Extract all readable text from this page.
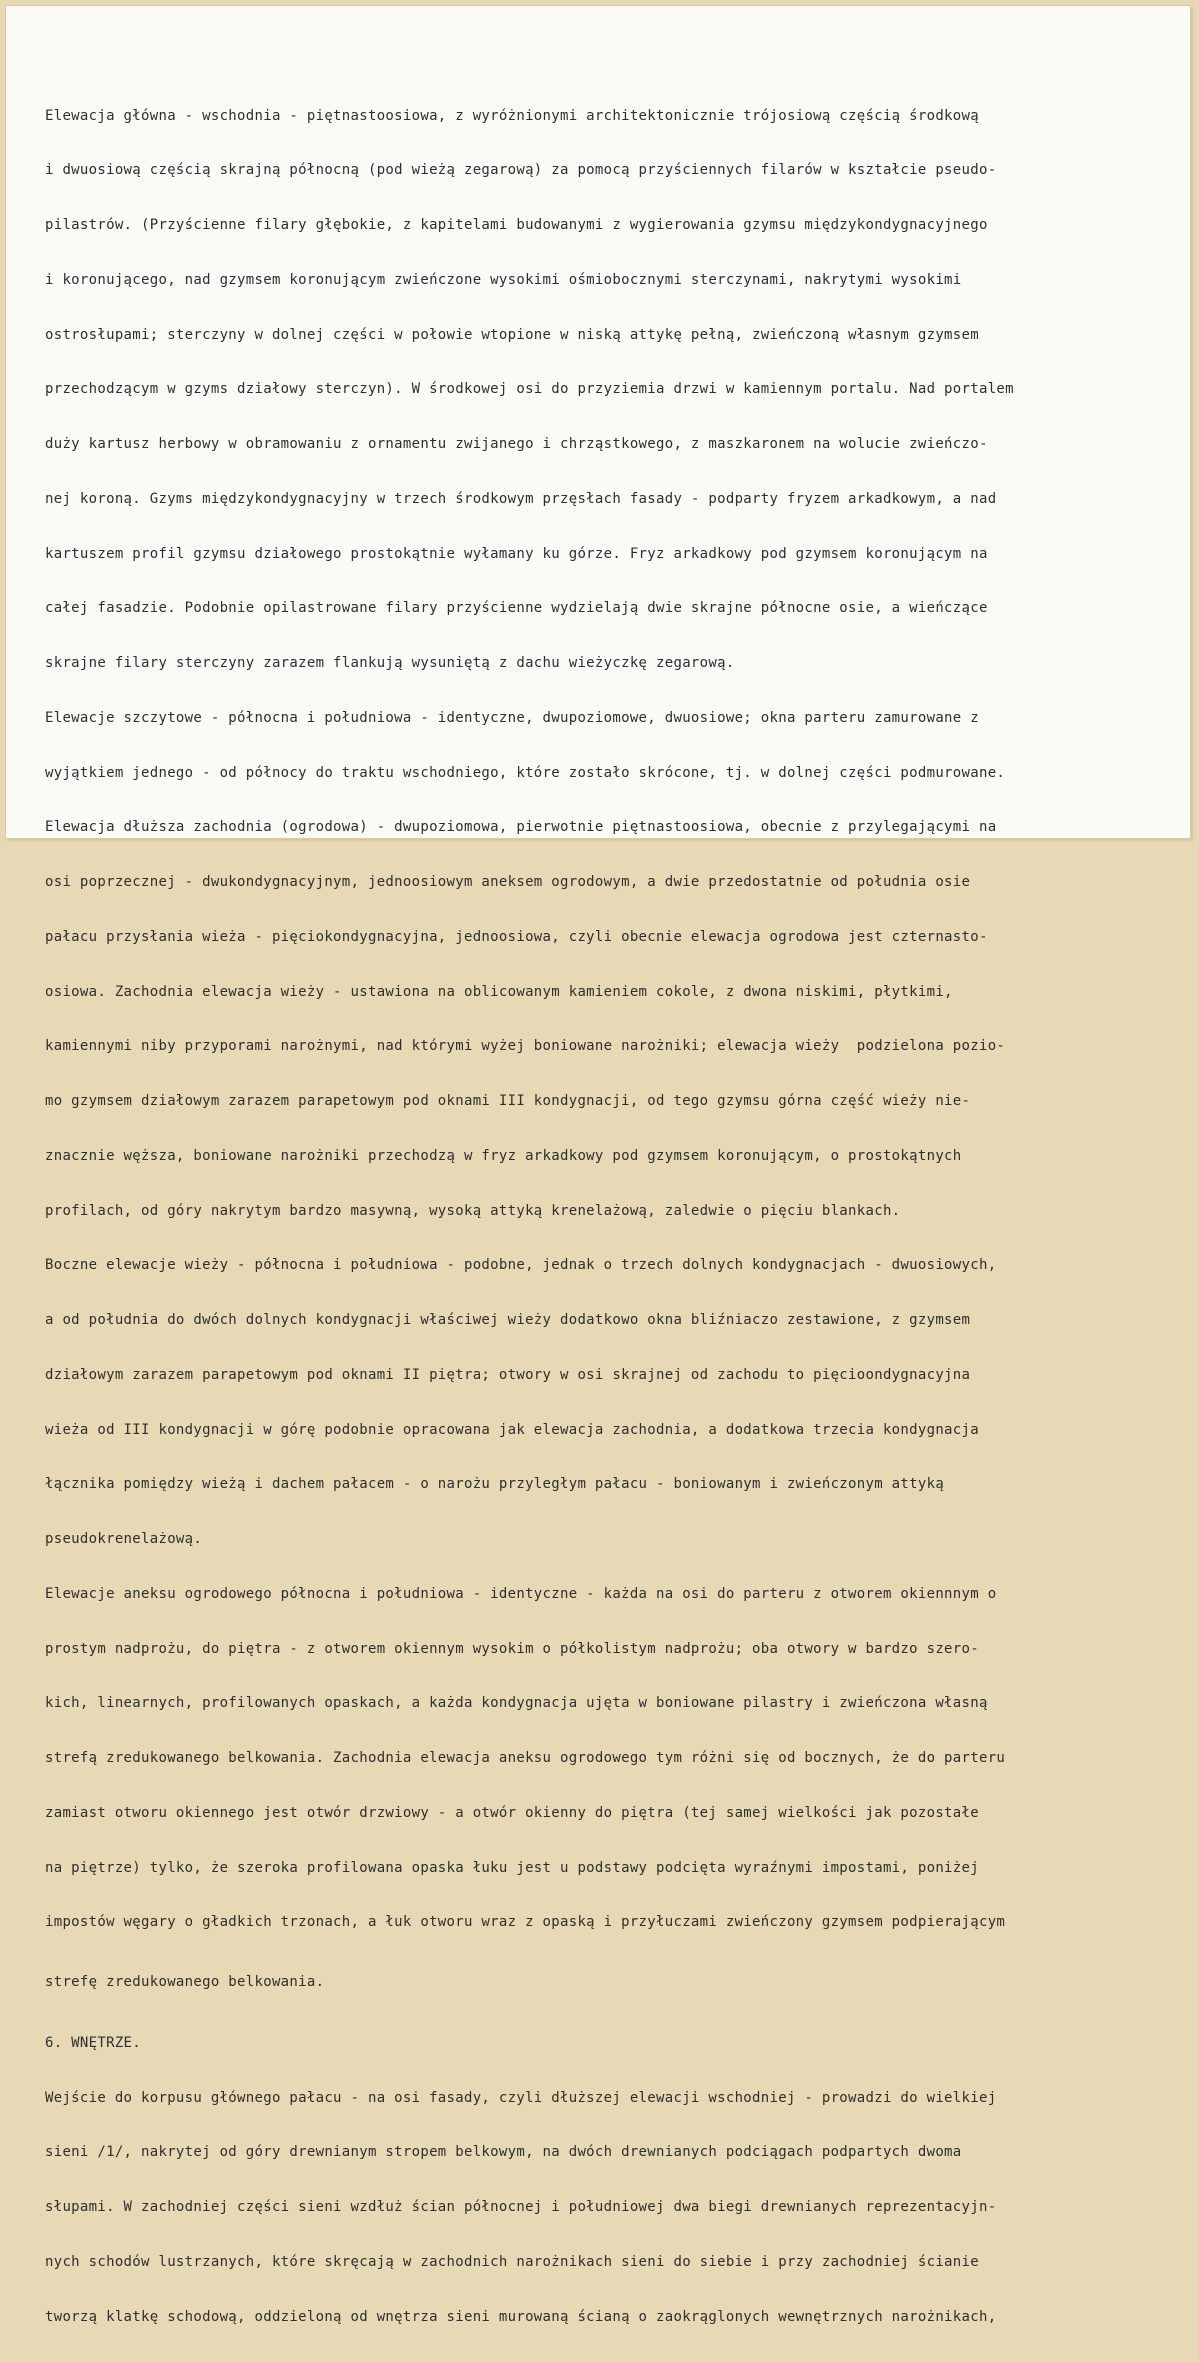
Elewacja główna - wschodnia - piętnastoosiowa, z wyróżnionymi architektonicznie trójosiową częścią środkową

i dwuosiową częścią skrajną północną (pod wieżą zegarową) za pomocą przyściennych filarów w kształcie pseudo-

pilastrów. (Przyścienne filary głębokie, z kapitelami budowanymi z wygierowania gzymsu międzykondygnacyjnego

i koronującego, nad gzymsem koronującym zwieńczone wysokimi ośmiobocznymi sterczynami, nakrytymi wysokimi

ostrosłupami; sterczyny w dolnej części w połowie wtopione w niską attykę pełną, zwieńczoną własnym gzymsem

przechodzącym w gzyms działowy sterczyn). W środkowej osi do przyziemia drzwi w kamiennym portalu. Nad portalem

duży kartusz herbowy w obramowaniu z ornamentu zwijanego i chrząstkowego, z maszkaronem na wolucie zwieńczo-

nej koroną. Gzyms międzykondygnacyjny w trzech środkowym przęsłach fasady - podparty fryzem arkadkowym, a nad

kartuszem profil gzymsu działowego prostokątnie wyłamany ku górze. Fryz arkadkowy pod gzymsem koronującym na

całej fasadzie. Podobnie opilastrowane filary przyścienne wydzielają dwie skrajne północne osie, a wieńczące

skrajne filary sterczyny zarazem flankują wysuniętą z dachu wieżyczkę zegarową.

Elewacje szczytowe - północna i południowa - identyczne, dwupoziomowe, dwuosiowe; okna parteru zamurowane z

wyjątkiem jednego - od północy do traktu wschodniego, które zostało skrócone, tj. w dolnej części podmurowane.

Elewacja dłuższa zachodnia (ogrodowa) - dwupoziomowa, pierwotnie piętnastoosiowa, obecnie z przylegającymi na

osi poprzecznej - dwukondygnacyjnym, jednoosiowym aneksem ogrodowym, a dwie przedostatnie od południa osie

pałacu przysłania wieża - pięciokondygnacyjna, jednoosiowa, czyli obecnie elewacja ogrodowa jest czternasto-

osiowa. Zachodnia elewacja wieży - ustawiona na oblicowanym kamieniem cokole, z dwona niskimi, płytkimi,

kamiennymi niby przyporami narożnymi, nad którymi wyżej boniowane narożniki; elewacja wieży  podzielona pozio-

mo gzymsem działowym zarazem parapetowym pod oknami III kondygnacji, od tego gzymsu górna część wieży nie-

znacznie węższa, boniowane narożniki przechodzą w fryz arkadkowy pod gzymsem koronującym, o prostokątnych

profilach, od góry nakrytym bardzo masywną, wysoką attyką krenelażową, zaledwie o pięciu blankach.

Boczne elewacje wieży - północna i południowa - podobne, jednak o trzech dolnych kondygnacjach - dwuosiowych,

a od południa do dwóch dolnych kondygnacji właściwej wieży dodatkowo okna bliźniaczo zestawione, z gzymsem

działowym zarazem parapetowym pod oknami II piętra; otwory w osi skrajnej od zachodu to pięcioondygnacyjna

wieża od III kondygnacji w górę podobnie opracowana jak elewacja zachodnia, a dodatkowa trzecia kondygnacja

łącznika pomiędzy wieżą i dachem pałacem - o narożu przyległym pałacu - boniowanym i zwieńczonym attyką

pseudokrenelażową.

Elewacje aneksu ogrodowego północna i południowa - identyczne - każda na osi do parteru z otworem okiennnym o

prostym nadprożu, do piętra - z otworem okiennym wysokim o półkolistym nadprożu; oba otwory w bardzo szero-

kich, linearnych, profilowanych opaskach, a każda kondygnacja ujęta w boniowane pilastry i zwieńczona własną

strefą zredukowanego belkowania. Zachodnia elewacja aneksu ogrodowego tym różni się od bocznych, że do parteru

zamiast otworu okiennego jest otwór drzwiowy - a otwór okienny do piętra (tej samej wielkości jak pozostałe

na piętrze) tylko, że szeroka profilowana opaska łuku jest u podstawy podcięta wyraźnymi impostami, poniżej

impostów węgary o gładkich trzonach, a łuk otworu wraz z opaską i przyłuczami zwieńczony gzymsem podpierającym

strefę zredukowanego belkowania.

6. WNĘTRZE.

Wejście do korpusu głównego pałacu - na osi fasady, czyli dłuższej elewacji wschodniej - prowadzi do wielkiej

sieni /1/, nakrytej od góry drewnianym stropem belkowym, na dwóch drewnianych podciągach podpartych dwoma

słupami. W zachodniej części sieni wzdłuż ścian północnej i południowej dwa biegi drewnianych reprezentacyjn-

nych schodów lustrzanych, które skręcają w zachodnich narożnikach sieni do siebie i przy zachodniej ścianie

tworzą klatkę schodową, oddzieloną od wnętrza sieni murowaną ścianą o zaokrąglonych wewnętrznych narożnikach,
